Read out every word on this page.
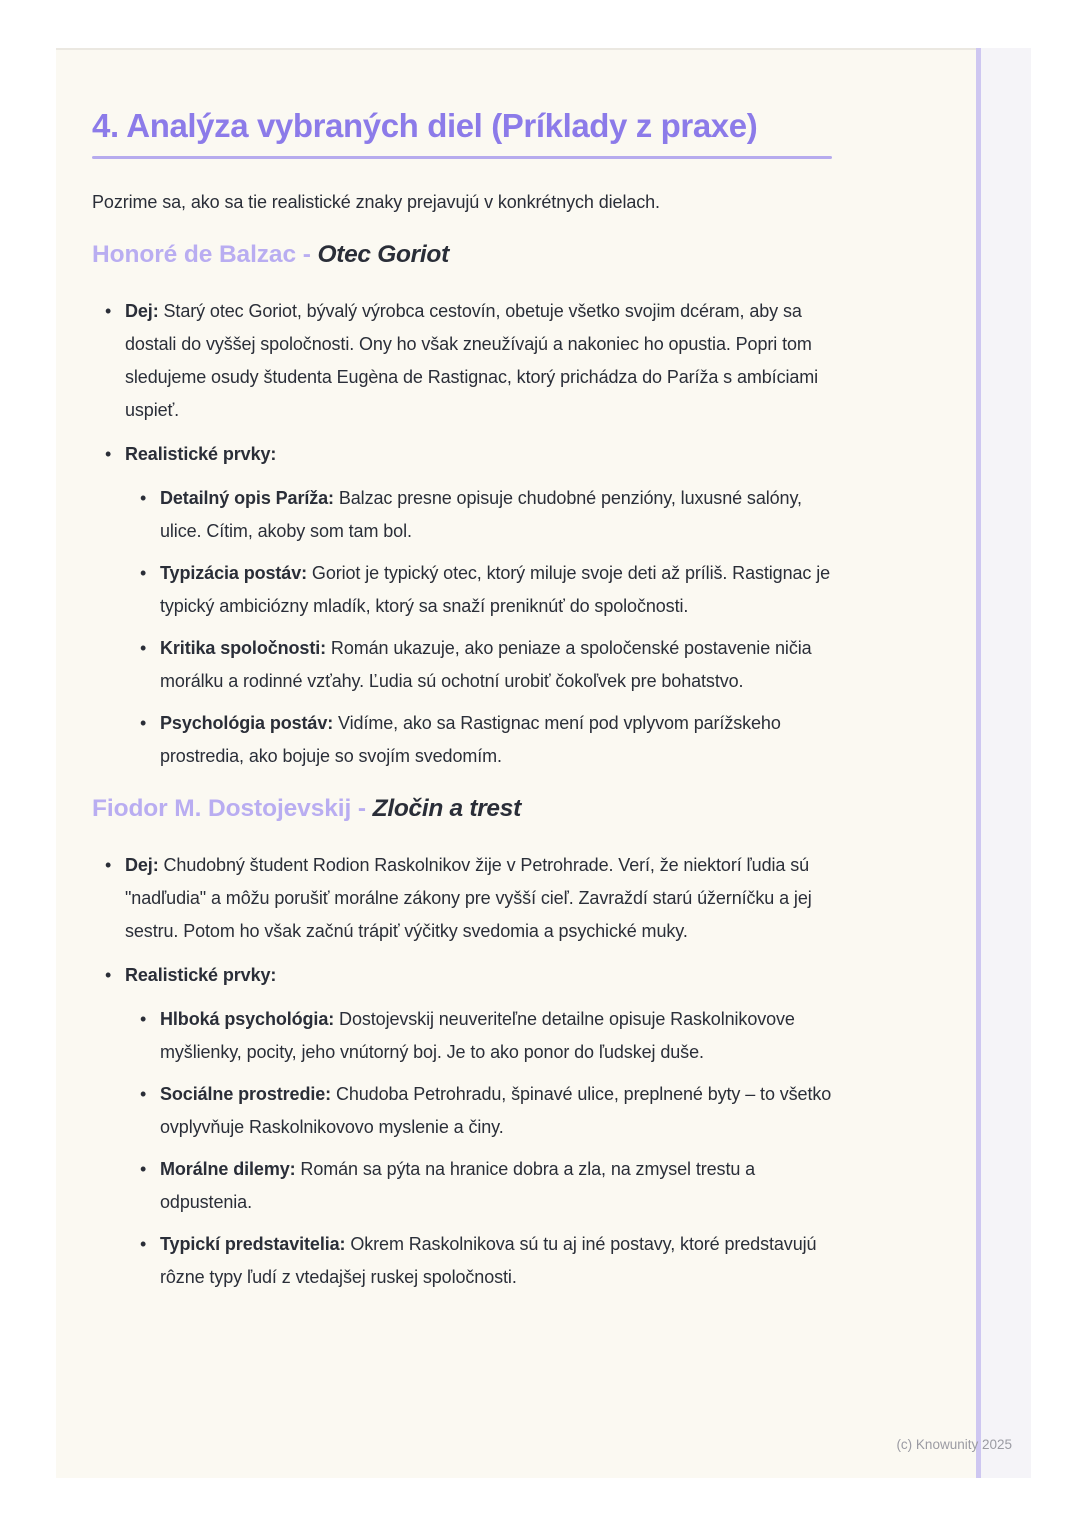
4. Analýza vybraných diel (Príklady z praxe)

Pozrime sa, ako sa tie realistické znaky prejavujú v konkrétnych dielach.

Honoré de Balzac - Otec Goriot
• Dej: Starý otec Goriot, bývalý výrobca cestovín, obetuje všetko svojim dcéram, aby sa dostali do vyššej spoločnosti. Ony ho však zneužívajú a nakoniec ho opustia. Popri tom sledujeme osudy študenta Eugèna de Rastignac, ktorý prichádza do Paríža s ambíciami uspieť.
• Realistické prvky:
• Detailný opis Paríža: Balzac presne opisuje chudobné penzióny, luxusné salóny, ulice. Cítim, akoby som tam bol.
• Typizácia postáv: Goriot je typický otec, ktorý miluje svoje deti až príliš. Rastignac je typický ambiciózny mladík, ktorý sa snaží preniknúť do spoločnosti.
• Kritika spoločnosti: Román ukazuje, ako peniaze a spoločenské postavenie ničia morálku a rodinné vzťahy. Ľudia sú ochotní urobiť čokoľvek pre bohatstvo.
• Psychológia postáv: Vidíme, ako sa Rastignac mení pod vplyvom parížskeho prostredia, ako bojuje so svojím svedomím.
Fiodor M. Dostojevskij - Zločin a trest
• Dej: Chudobný študent Rodion Raskolnikov žije v Petrohrade. Verí, že niektorí ľudia sú "nadľudia" a môžu porušiť morálne zákony pre vyšší cieľ. Zavraždí starú úžerníčku a jej sestru. Potom ho však začnú trápiť výčitky svedomia a psychické muky.
• Realistické prvky:
• Hlboká psychológia: Dostojevskij neuveriteľne detailne opisuje Raskolnikovove myšlienky, pocity, jeho vnútorný boj. Je to ako ponor do ľudskej duše.
• Sociálne prostredie: Chudoba Petrohradu, špinavé ulice, preplnené byty – to všetko ovplyvňuje Raskolnikovovo myslenie a činy.
• Morálne dilemy: Román sa pýta na hranice dobra a zla, na zmysel trestu a odpustenia.
• Typickí predstavitelia: Okrem Raskolnikova sú tu aj iné postavy, ktoré predstavujú rôzne typy ľudí z vtedajšej ruskej spoločnosti.
(c) Knowunity 2025
